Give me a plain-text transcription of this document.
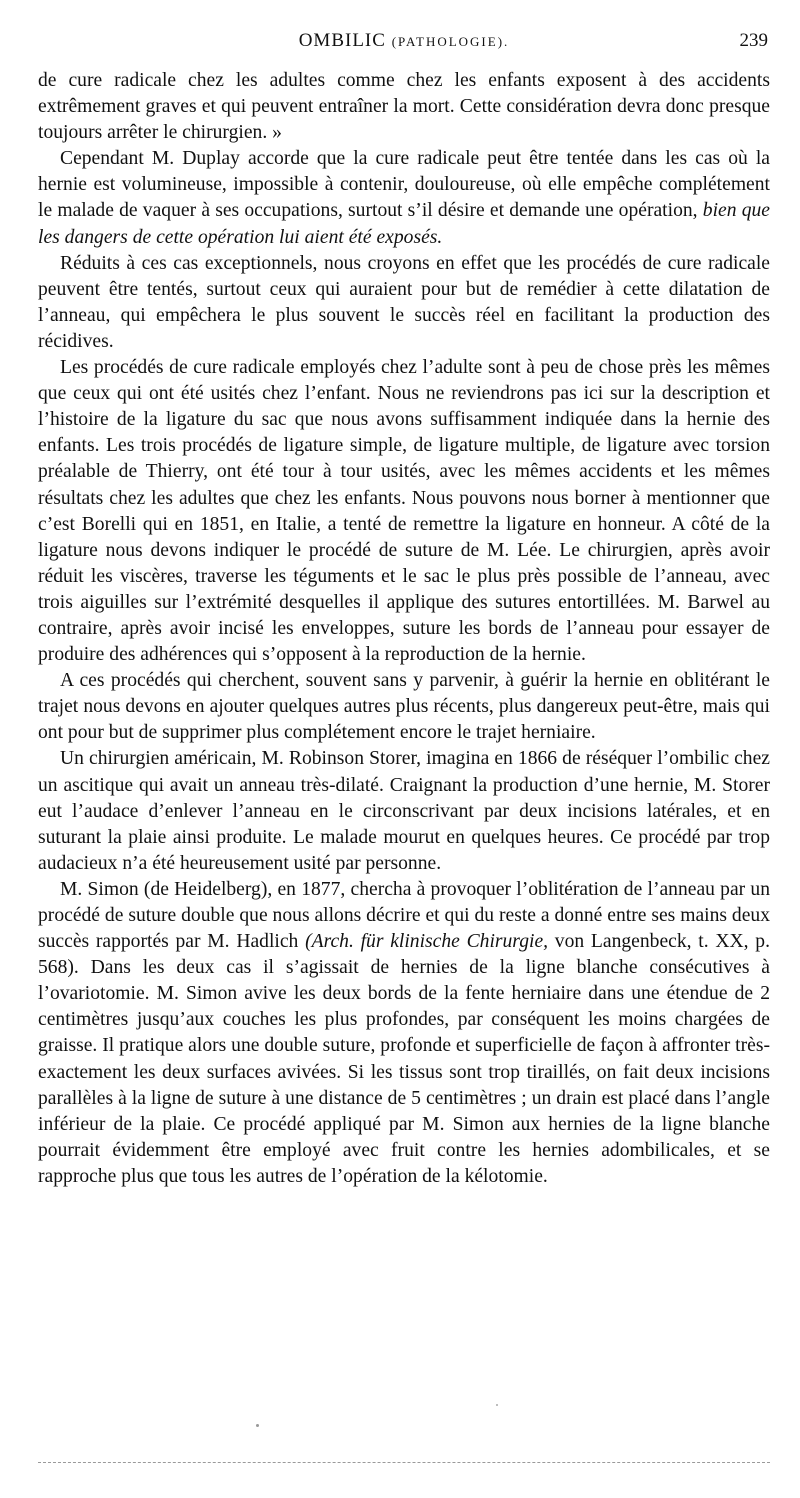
OMBILIC (PATHOLOGIE).	239

de cure radicale chez les adultes comme chez les enfants exposent à des accidents extrêmement graves et qui peuvent entraîner la mort. Cette considération devra donc presque toujours arrêter le chirurgien. »

Cependant M. Duplay accorde que la cure radicale peut être tentée dans les cas où la hernie est volumineuse, impossible à contenir, douloureuse, où elle empêche complétement le malade de vaquer à ses occupations, surtout s’il désire et demande une opération, bien que les dangers de cette opération lui aient été exposés.

Réduits à ces cas exceptionnels, nous croyons en effet que les procédés de cure radicale peuvent être tentés, surtout ceux qui auraient pour but de remédier à cette dilatation de l’anneau, qui empêchera le plus souvent le succès réel en facilitant la production des récidives.

Les procédés de cure radicale employés chez l’adulte sont à peu de chose près les mêmes que ceux qui ont été usités chez l’enfant. Nous ne reviendrons pas ici sur la description et l’histoire de la ligature du sac que nous avons suffisamment indiquée dans la hernie des enfants. Les trois procédés de ligature simple, de ligature multiple, de ligature avec torsion préalable de Thierry, ont été tour à tour usités, avec les mêmes accidents et les mêmes résultats chez les adultes que chez les enfants. Nous pouvons nous borner à mentionner que c’est Borelli qui en 1851, en Italie, a tenté de remettre la ligature en honneur. A côté de la ligature nous devons indiquer le procédé de suture de M. Lée. Le chirurgien, après avoir réduit les viscères, traverse les téguments et le sac le plus près possible de l’anneau, avec trois aiguilles sur l’extrémité desquelles il applique des sutures entortillées. M. Barwel au contraire, après avoir incisé les enveloppes, suture les bords de l’anneau pour essayer de produire des adhérences qui s’opposent à la reproduction de la hernie.

A ces procédés qui cherchent, souvent sans y parvenir, à guérir la hernie en oblitérant le trajet nous devons en ajouter quelques autres plus récents, plus dangereux peut-être, mais qui ont pour but de supprimer plus complétement encore le trajet herniaire.

Un chirurgien américain, M. Robinson Storer, imagina en 1866 de réséquer l’ombilic chez un ascitique qui avait un anneau très-dilaté. Craignant la production d’une hernie, M. Storer eut l’audace d’enlever l’anneau en le circonscrivant par deux incisions latérales, et en suturant la plaie ainsi produite. Le malade mourut en quelques heures. Ce procédé par trop audacieux n’a été heureusement usité par personne.

M. Simon (de Heidelberg), en 1877, chercha à provoquer l’oblitération de l’anneau par un procédé de suture double que nous allons décrire et qui du reste a donné entre ses mains deux succès rapportés par M. Hadlich (Arch. für klinische Chirurgie, von Langenbeck, t. XX, p. 568). Dans les deux cas il s’agissait de hernies de la ligne blanche consécutives à l’ovariotomie. M. Simon avive les deux bords de la fente herniaire dans une étendue de 2 centimètres jusqu’aux couches les plus profondes, par conséquent les moins chargées de graisse. Il pratique alors une double suture, profonde et superficielle de façon à affronter très-exactement les deux surfaces avivées. Si les tissus sont trop tiraillés, on fait deux incisions parallèles à la ligne de suture à une distance de 5 centimètres ; un drain est placé dans l’angle inférieur de la plaie. Ce procédé appliqué par M. Simon aux hernies de la ligne blanche pourrait évidemment être employé avec fruit contre les hernies adombilicales, et se rapproche plus que tous les autres de l’opération de la kélotomie.
